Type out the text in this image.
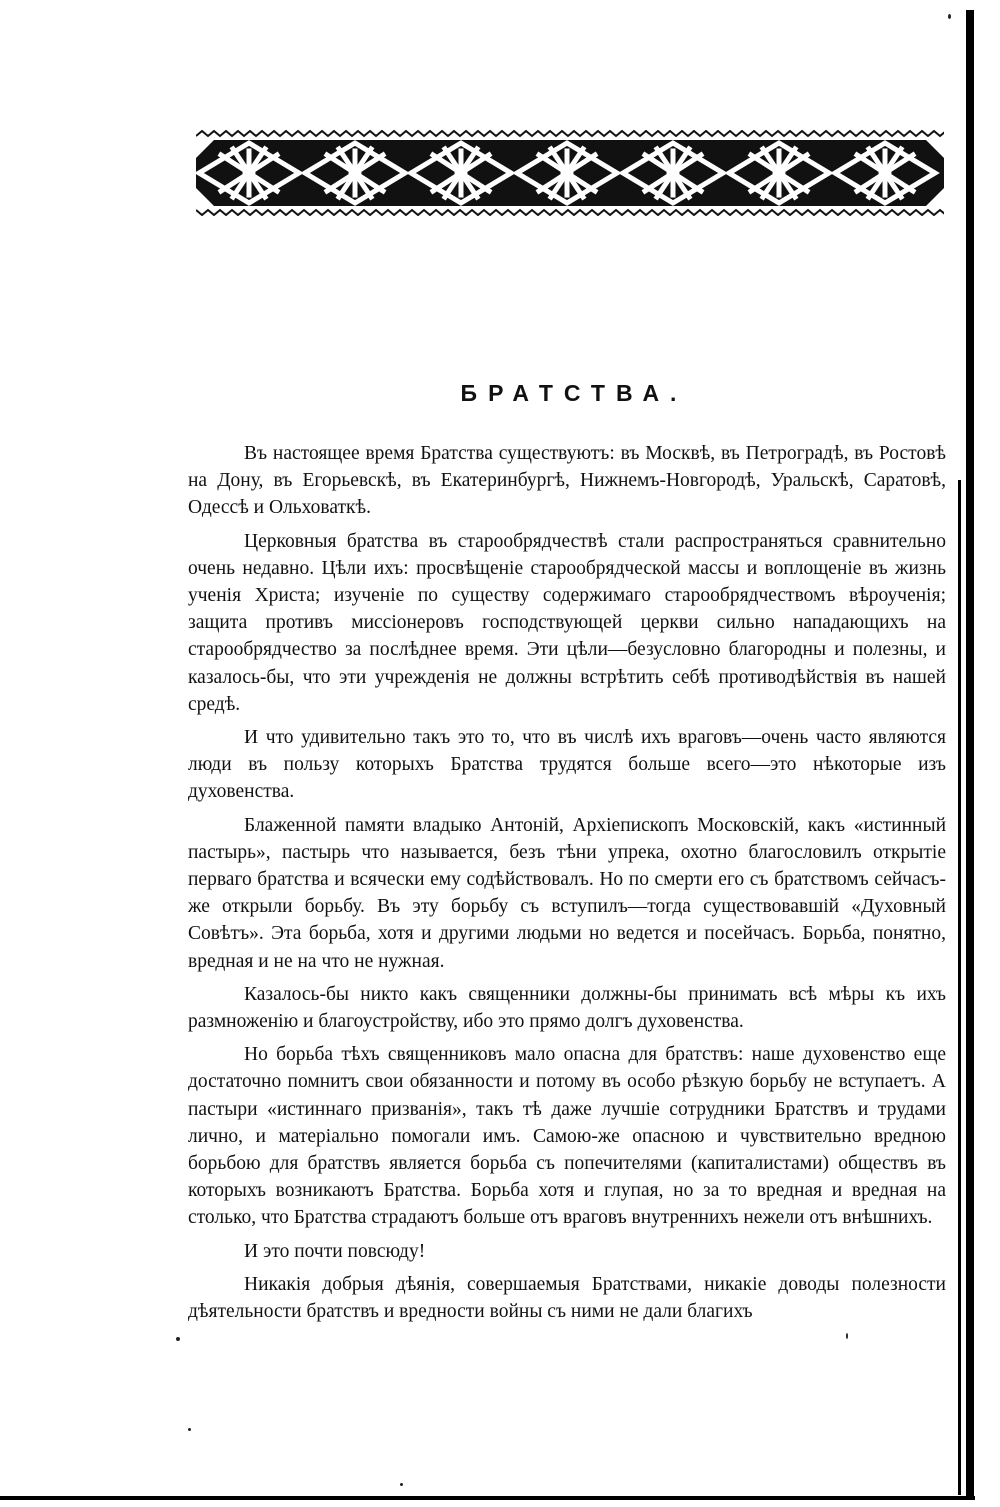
БРАТСТВА.

Въ настоящее время Братства существуютъ: въ Москвѣ, въ Петроградѣ, въ Ростовѣ на Дону, въ Егорьевскѣ, въ Екатеринбургѣ, Нижнемъ-Новгородѣ, Уральскѣ, Саратовѣ, Одессѣ и Ольховаткѣ.

Церковныя братства въ старообрядчествѣ стали распространяться сравнительно очень недавно. Цѣли ихъ: просвѣщеніе старообрядческой массы и воплощеніе въ жизнь ученія Христа; изученіе по существу содержимаго старообрядчествомъ вѣроученія; защита противъ миссіонеровъ господствующей церкви сильно нападающихъ на старообрядчество за послѣднее время. Эти цѣли—безусловно благородны и полезны, и казалось-бы, что эти учрежденія не должны встрѣтить себѣ противодѣйствія въ нашей средѣ.

И что удивительно такъ это то, что въ числѣ ихъ враговъ—очень часто являются люди въ пользу которыхъ Братства трудятся больше всего—это нѣкоторые изъ духовенства.

Блаженной памяти владыко Антоній, Архіепископъ Московскій, какъ «истинный пастырь», пастырь что называется, безъ тѣни упрека, охотно благословилъ открытіе перваго братства и всячески ему содѣйствовалъ. Но по смерти его съ братствомъ сейчасъ-же открыли борьбу. Въ эту борьбу съ вступилъ—тогда существовавшій «Духовный Совѣтъ». Эта борьба, хотя и другими людьми но ведется и посейчасъ. Борьба, понятно, вредная и не на что не нужная.

Казалось-бы никто какъ священники должны-бы принимать всѣ мѣры къ ихъ размноженію и благоустройству, ибо это прямо долгъ духовенства.

Но борьба тѣхъ священниковъ мало опасна для братствъ: наше духовенство еще достаточно помнитъ свои обязанности и потому въ особо рѣзкую борьбу не вступаетъ. А пастыри «истиннаго призванія», такъ тѣ даже лучшіе сотрудники Братствъ и трудами лично, и матеріально помогали имъ. Самою-же опасною и чувствительно вредною борьбою для братствъ является борьба съ попечителями (капиталистами) обществъ въ которыхъ возникаютъ Братства. Борьба хотя и глупая, но за то вредная и вредная на столько, что Братства страдаютъ больше отъ враговъ внутреннихъ нежели отъ внѣшнихъ.

И это почти повсюду!

Никакія добрыя дѣянія, совершаемыя Братствами, никакіе доводы полезности дѣятельности братствъ и вредности войны съ ними не дали благихъ
